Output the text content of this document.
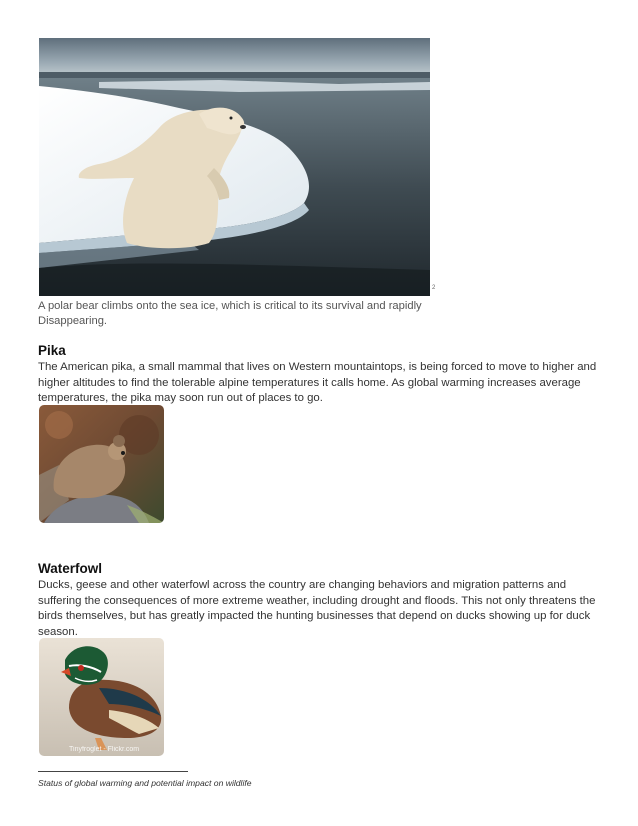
2
A polar bear climbs onto the sea ice, which is critical to its survival and rapidly Disappearing.
Pika
The American pika, a small mammal that lives on Western mountaintops, is being forced to move to higher and higher altitudes to find the tolerable alpine temperatures it calls home. As global warming increases average temperatures, the pika may soon run out of places to go.
Waterfowl
Ducks, geese and other waterfowl across the country are changing behaviors and migration patterns and suffering the consequences of more extreme weather, including drought and floods. This not only threatens the birds themselves, but has greatly impacted the hunting businesses that depend on ducks showing up for duck season.
Tinyfroglet - Flickr.com
Status of global warming and potential impact on wildlife
